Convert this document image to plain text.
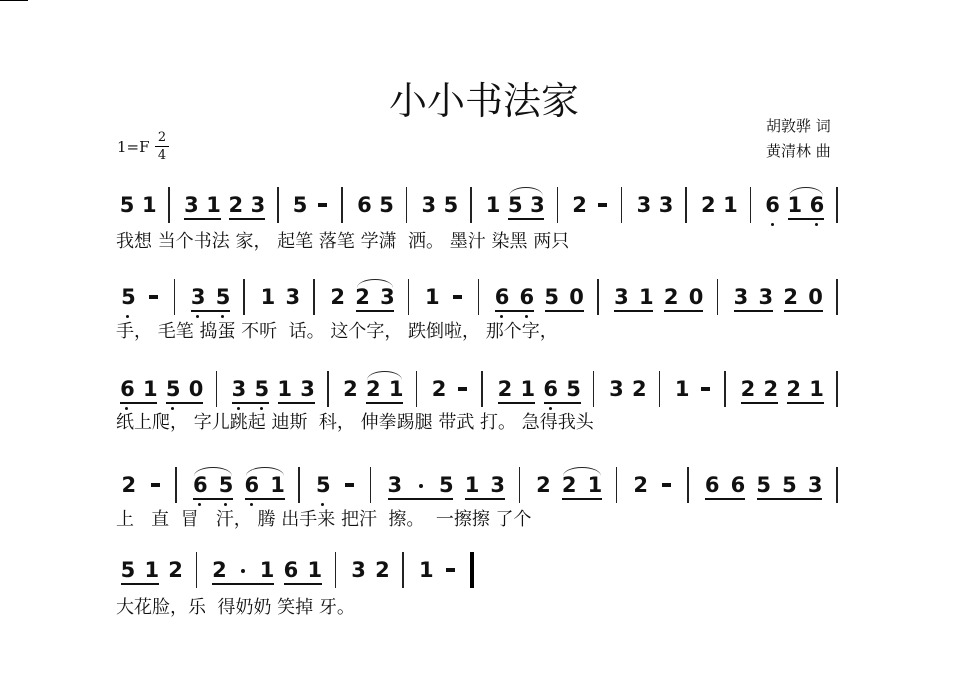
小小书法家
1=F
2
4
胡敦骅 词
黄清林 曲
5 1 3 1 2 3 5 6 5 3 5 1 5 3 2 3 3 2 1 6 1 6
我想 当个书法 家， 起笔 落笔 学潇  洒。 墨汁 染黑 两只
5	3 5 1 3 2 2 3 1	6 6 5 0 3 1 2 0 3 3 2 0
手， 毛笔 捣蛋 不听  话。 这个字， 跌倒啦， 那个字，
6 1 5 0 3 5 1 3 2 2 1 2 2 1 6 5 3 2 1 2 2 2 1
纸上爬， 字儿跳起 迪斯  科， 伸拳踢腿 带武 打。 急得我头
2	6 5 6 1 5	3 5 1 3 2 2 1 2	6 6 5 5 3
上   直  冒   汗， 腾 出手来 把汗  擦。  一擦擦 了个
5 1 2 2 1 6 1 3 2 1
大花脸，乐  得奶奶 笑掉 牙。
